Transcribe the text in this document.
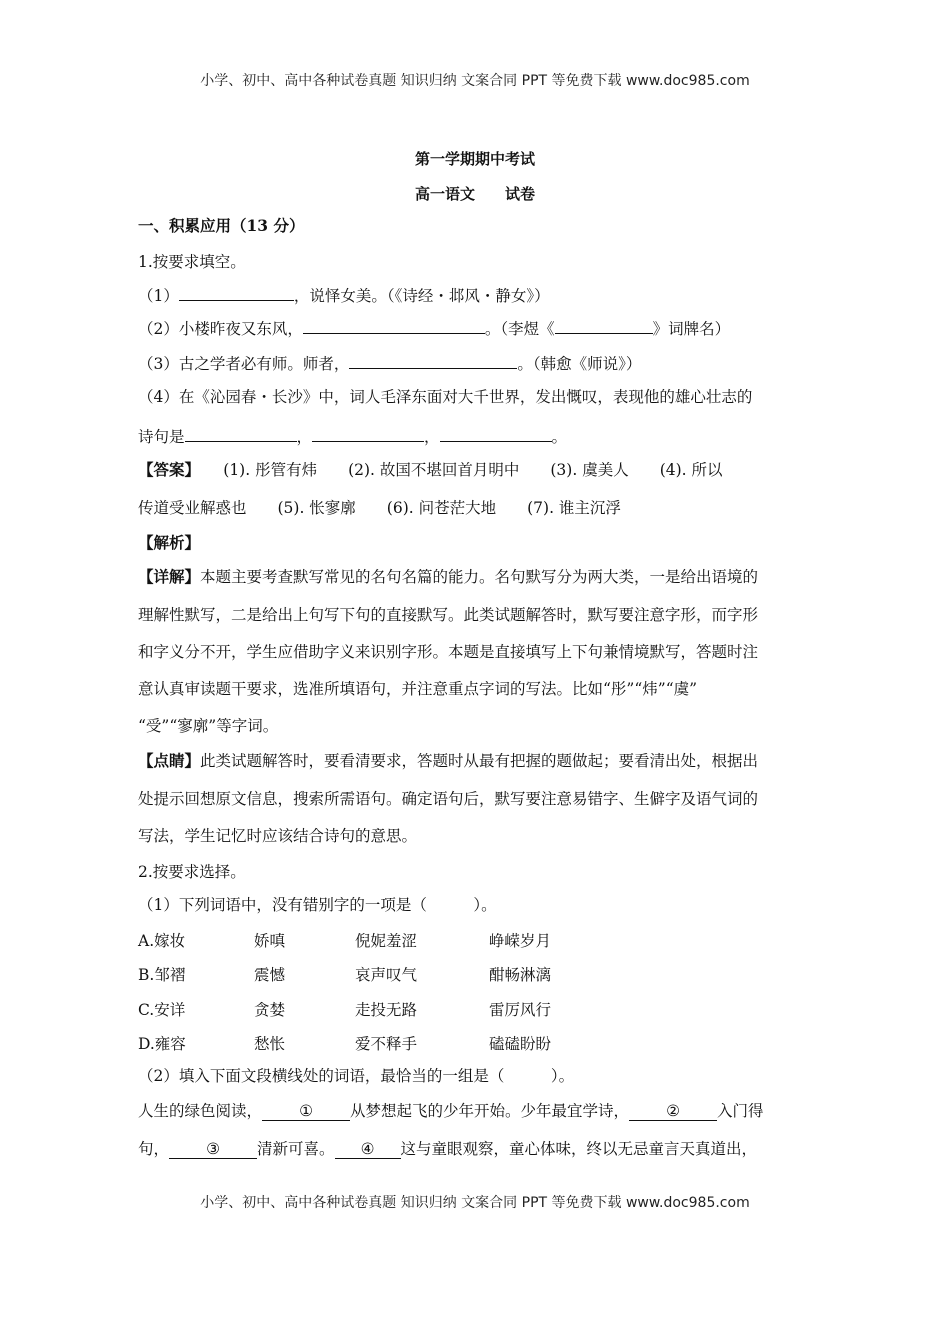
小学、初中、高中各种试卷真题 知识归纳 文案合同 PPT 等免费下载 www.doc985.com
第一学期期中考试
高一语文　　试卷
一、积累应用（13 分）
1.按要求填空。
（1）	，说怿女美。（《诗经・邶风・静女》）
（2）小楼昨夜又东风，	。（李煜《	》词牌名）
（3）古之学者必有师。师者，	。（韩愈《师说》）
（4）在《沁园春・长沙》中，词人毛泽东面对大千世界，发出慨叹，表现他的雄心壮志的
诗句是	，	，	。
【答案】　　(1). 彤管有炜　　(2). 故国不堪回首月明中　　(3). 虞美人　　(4). 所以
传道受业解惑也　　(5). 怅寥廓　　(6). 问苍茫大地　　(7). 谁主沉浮
【解析】
【详解】本题主要考查默写常见的名句名篇的能力。名句默写分为两大类，一是给出语境的
理解性默写，二是给出上句写下句的直接默写。此类试题解答时，默写要注意字形，而字形
和字义分不开，学生应借助字义来识别字形。本题是直接填写上下句兼情境默写，答题时注
意认真审读题干要求，选准所填语句，并注意重点字词的写法。比如“彤”“炜”“虞”
“受”“寥廓”等字词。
【点睛】此类试题解答时，要看清要求，答题时从最有把握的题做起；要看清出处，根据出
处提示回想原文信息，搜索所需语句。确定语句后，默写要注意易错字、生僻字及语气词的
写法，学生记忆时应该结合诗句的意思。
2.按要求选择。
（1）下列词语中，没有错别字的一项是（　　　）。
A.嫁妆	娇嗔	倪妮羞涩	峥嵘岁月
B.邹褶	震憾	哀声叹气	酣畅淋漓
C.安详	贪婪	走投无路	雷厉风行
D.雍容	愁怅	爱不释手	磕磕盼盼
（2）填入下面文段横线处的词语，最恰当的一组是（　　　）。
人生的绿色阅读， ① 从梦想起飞的少年开始。少年最宜学诗， ② 入门得
句， ③ 清新可喜。 ④ 这与童眼观察，童心体味，终以无忌童言天真道出，
小学、初中、高中各种试卷真题 知识归纳 文案合同 PPT 等免费下载 www.doc985.com
